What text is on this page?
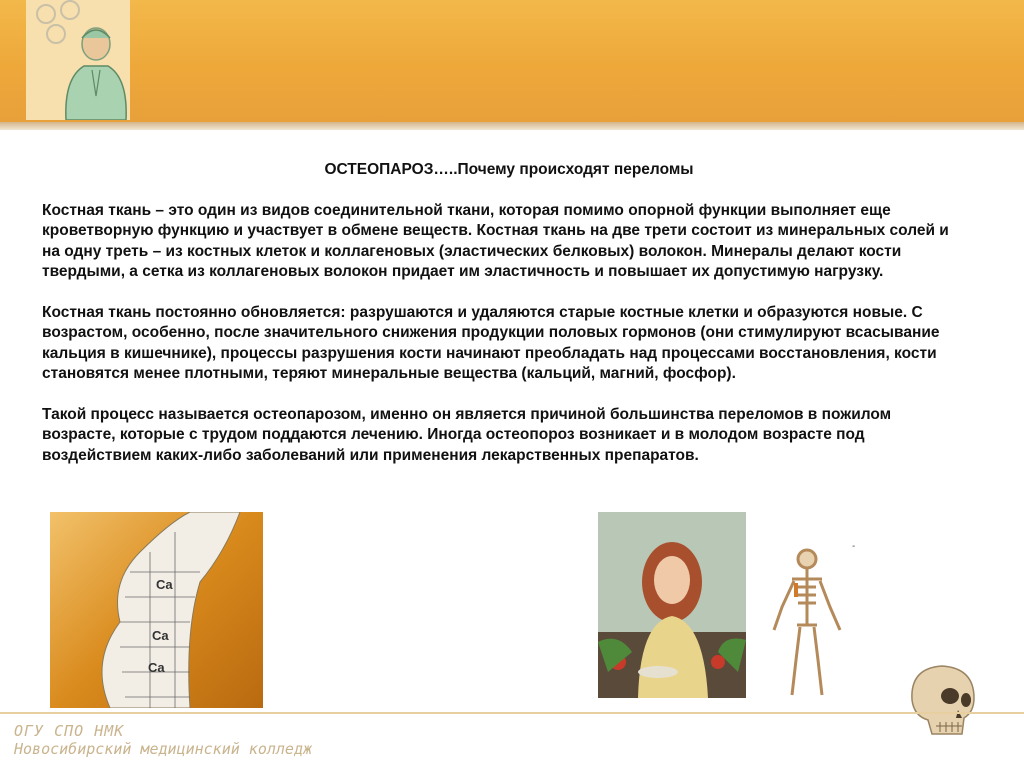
ОСТЕОПАРОЗ…..Почему происходят переломы

Костная ткань – это один из видов соединительной ткани, которая помимо опорной функции выполняет еще кроветворную функцию и участвует в обмене веществ. Костная ткань на две трети состоит из минеральных солей и на одну треть – из костных клеток и коллагеновых (эластических белковых) волокон. Минералы делают кости твердыми, а сетка из коллагеновых волокон придает им эластичность и повышает их допустимую нагрузку.

Костная ткань постоянно обновляется: разрушаются и удаляются старые костные клетки и образуются новые. С возрастом, особенно, после значительного снижения продукции половых гормонов (они стимулируют всасывание кальция в кишечнике), процессы разрушения кости начинают преобладать над процессами восстановления, кости становятся менее плотными, теряют минеральные вещества (кальций, магний, фосфор).

Такой процесс называется остеопарозом, именно он является причиной большинства переломов в пожилом возрасте, которые с трудом поддаются лечению. Иногда остеопороз возникает и в молодом возрасте под воздействием каких-либо заболеваний или применения лекарственных препаратов.

Ca
Ca
Ca
-
ОГУ СПО НМК
Новосибирский медицинский колледж
